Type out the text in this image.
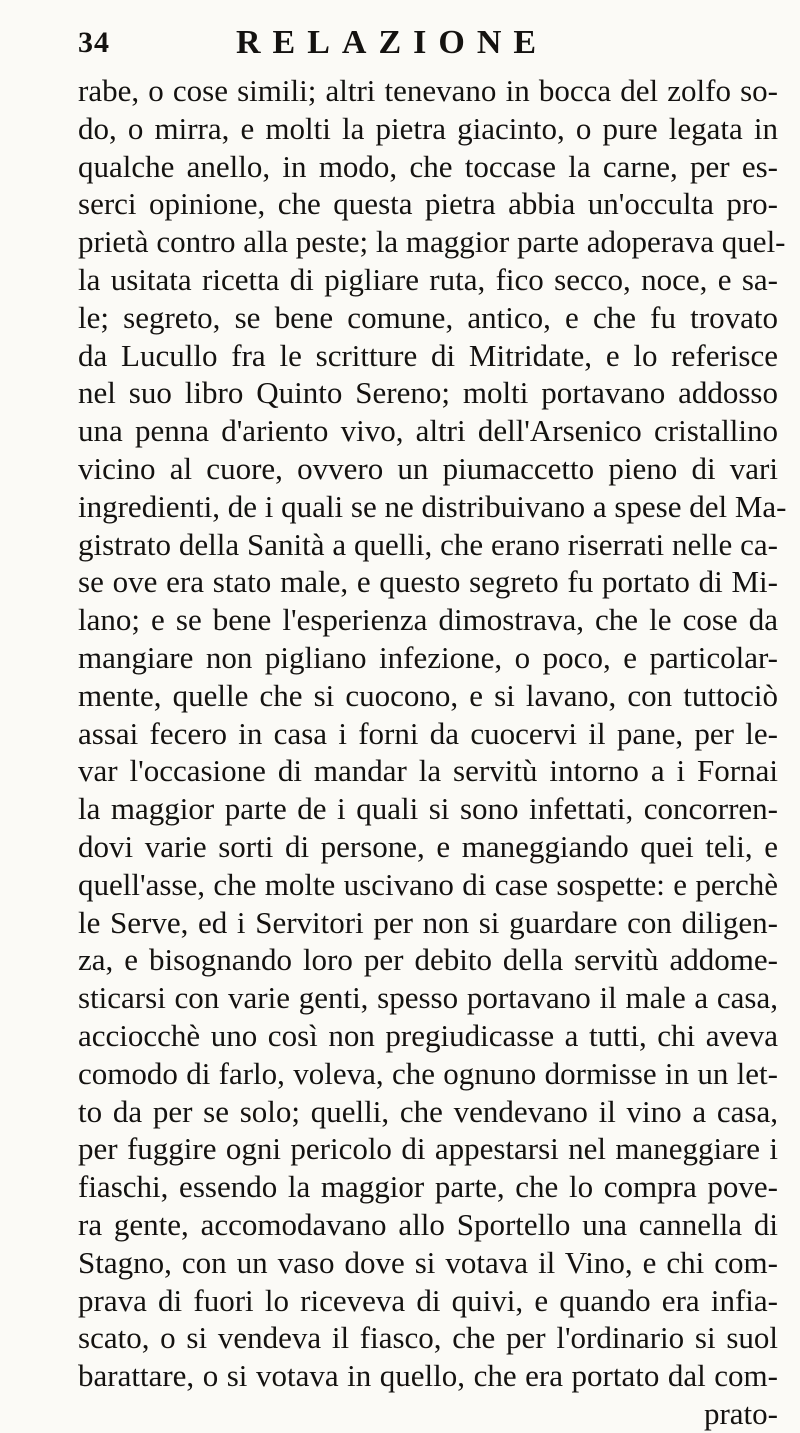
34	RELAZIONE
rabe, o cose simili; altri tenevano in bocca del zolfo so-
do, o mirra, e molti la pietra giacinto, o pure legata in
qualche anello, in modo, che toccase la carne, per es-
serci opinione, che questa pietra abbia un'occulta pro-
prietà contro alla peste; la maggior parte adoperava quel-
la usitata ricetta di pigliare ruta, fico secco, noce, e sa-
le; segreto, se bene comune, antico, e che fu trovato
da Lucullo fra le scritture di Mitridate, e lo referisce
nel suo libro Quinto Sereno; molti portavano addosso
una penna d'ariento vivo, altri dell'Arsenico cristallino
vicino al cuore, ovvero un piumaccetto pieno di vari
ingredienti, de i quali se ne distribuivano a spese del Ma-
gistrato della Sanità a quelli, che erano riserrati nelle ca-
se ove era stato male, e questo segreto fu portato di Mi-
lano; e se bene l'esperienza dimostrava, che le cose da
mangiare non pigliano infezione, o poco, e particolar-
mente, quelle che si cuocono, e si lavano, con tuttociò
assai fecero in casa i forni da cuocervi il pane, per le-
var l'occasione di mandar la servitù intorno a i Fornai
la maggior parte de i quali si sono infettati, concorren-
dovi varie sorti di persone, e maneggiando quei teli, e
quell'asse, che molte uscivano di case sospette: e perchè
le Serve, ed i Servitori per non si guardare con diligen-
za, e bisognando loro per debito della servitù addome-
sticarsi con varie genti, spesso portavano il male a casa,
acciocchè uno così non pregiudicasse a tutti, chi aveva
comodo di farlo, voleva, che ognuno dormisse in un let-
to da per se solo; quelli, che vendevano il vino a casa,
per fuggire ogni pericolo di appestarsi nel maneggiare i
fiaschi, essendo la maggior parte, che lo compra pove-
ra gente, accomodavano allo Sportello una cannella di
Stagno, con un vaso dove si votava il Vino, e chi com-
prava di fuori lo riceveva di quivi, e quando era infia-
scato, o si vendeva il fiasco, che per l'ordinario si suol
barattare, o si votava in quello, che era portato dal com-
prato-
